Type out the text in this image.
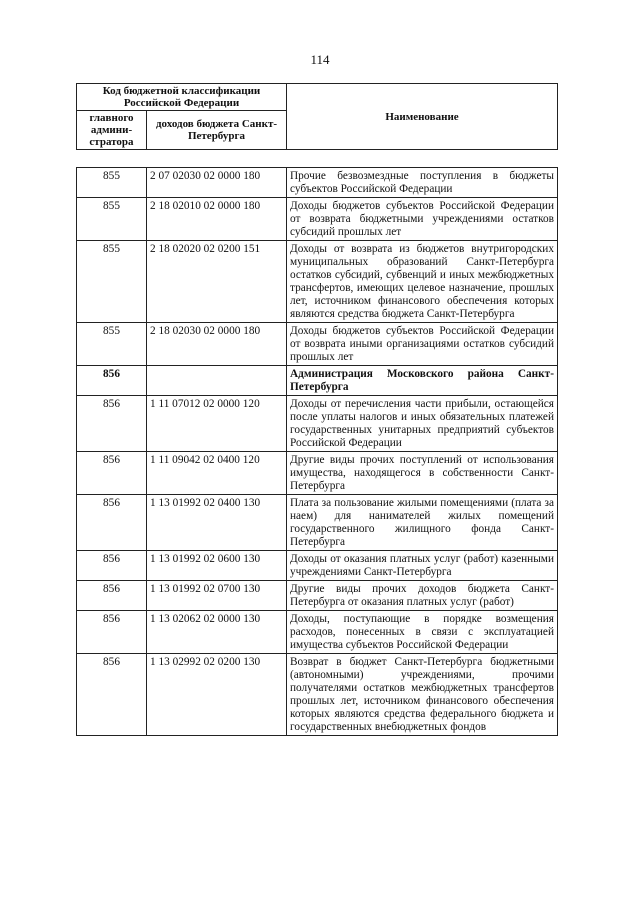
114
Код бюджетной классификации Российской Федерации		Наименование
главного админи-стратора	доходов бюджета Санкт-Петербурга	
855	2 07 02030 02 0000 180	Прочие безвозмездные поступления в бюджеты субъектов Российской Федерации
855	2 18 02010 02 0000 180	Доходы бюджетов субъектов Российской Федерации от возврата бюджетными учреждениями остатков субсидий прошлых лет
855	2 18 02020 02 0200 151	Доходы от возврата из бюджетов внутригородских муниципальных образований Санкт-Петербурга остатков субсидий, субвенций и иных межбюджетных трансфертов, имеющих целевое назначение, прошлых лет, источником финансового обеспечения которых являются средства бюджета Санкт-Петербурга
855	2 18 02030 02 0000 180	Доходы бюджетов субъектов Российской Федерации от возврата иными организациями остатков субсидий прошлых лет
856		Администрация Московского района Санкт-Петербурга
856	1 11 07012 02 0000 120	Доходы от перечисления части прибыли, остающейся после уплаты налогов и иных обязательных платежей государственных унитарных предприятий субъектов Российской Федерации
856	1 11 09042 02 0400 120	Другие виды прочих поступлений от использования имущества, находящегося в собственности Санкт-Петербурга
856	1 13 01992 02 0400 130	Плата за пользование жилыми помещениями (плата за наем) для нанимателей жилых помещений государственного жилищного фонда Санкт-Петербурга
856	1 13 01992 02 0600 130	Доходы от оказания платных услуг (работ) казенными учреждениями Санкт-Петербурга
856	1 13 01992 02 0700 130	Другие виды прочих доходов бюджета Санкт-Петербурга от оказания платных услуг (работ)
856	1 13 02062 02 0000 130	Доходы, поступающие в порядке возмещения расходов, понесенных в связи с эксплуатацией имущества субъектов Российской Федерации
856	1 13 02992 02 0200 130	Возврат в бюджет Санкт-Петербурга бюджетными (автономными) учреждениями, прочими получателями остатков межбюджетных трансфертов прошлых лет, источником финансового обеспечения которых являются средства федерального бюджета и государственных внебюджетных фондов
